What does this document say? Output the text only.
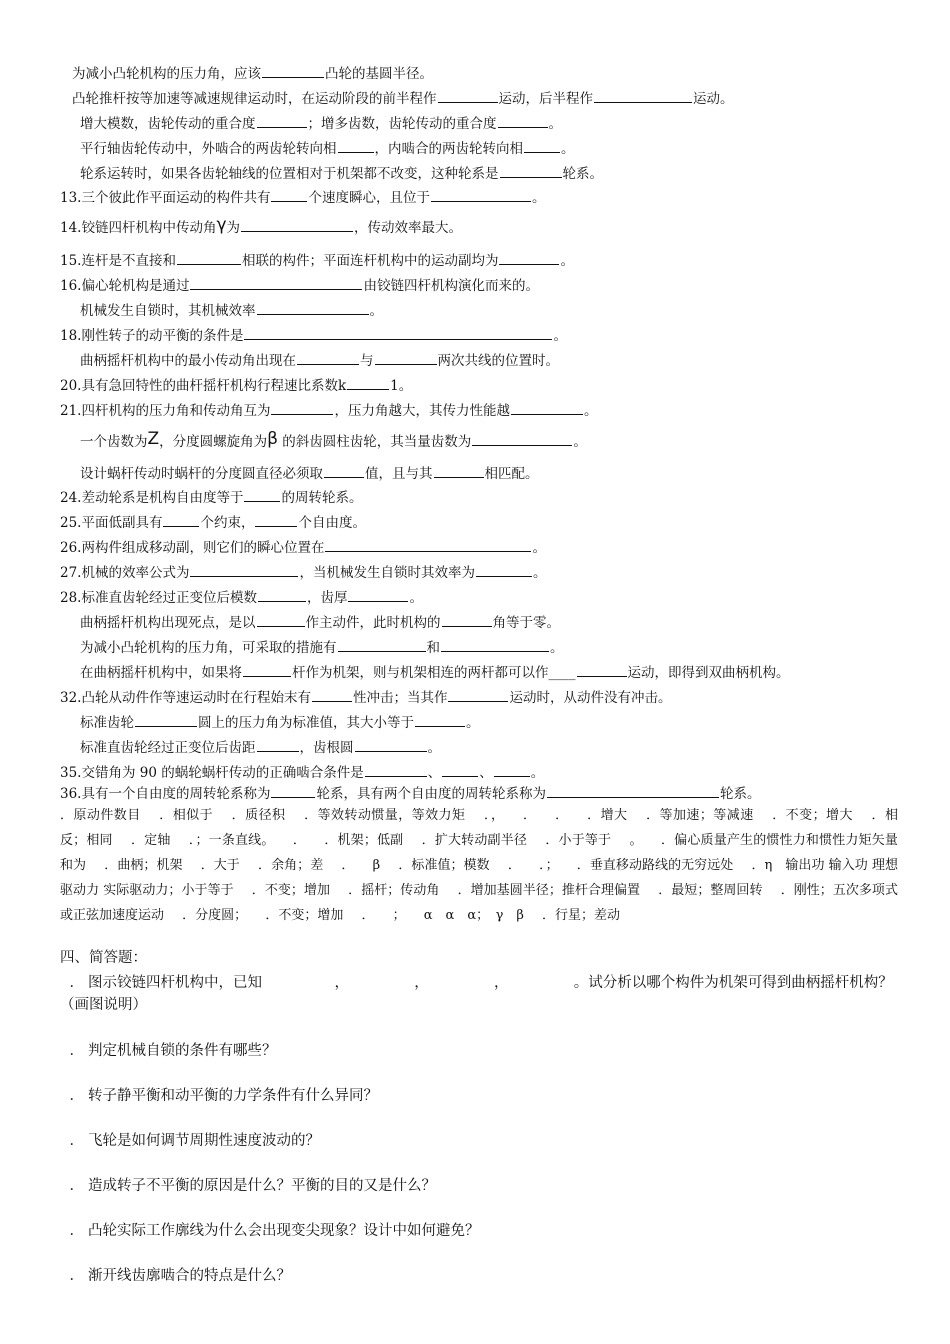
为减小凸轮机构的压力角，应该	凸轮的基圆半径。
凸轮推杆按等加速等减速规律运动时，在运动阶段的前半程作	运动，后半程作	运动。
增大模数，齿轮传动的重合度	；增多齿数，齿轮传动的重合度	。
平行轴齿轮传动中，外啮合的两齿轮转向相	，内啮合的两齿轮转向相	。
轮系运转时，如果各齿轮轴线的位置相对于机架都不改变，这种轮系是	轮系。
13.三个彼此作平面运动的构件共有	个速度瞬心，且位于	。
14.铰链四杆机构中传动角γ为	，传动效率最大。
15.连杆是不直接和	相联的构件；平面连杆机构中的运动副均为	。
16.偏心轮机构是通过	由铰链四杆机构演化而来的。
机械发生自锁时，其机械效率	。
18.刚性转子的动平衡的条件是	。
曲柄摇杆机构中的最小传动角出现在	与	两次共线的位置时。
20.具有急回特性的曲杆摇杆机构行程速比系数k	1。
21.四杆机构的压力角和传动角互为	，压力角越大，其传力性能越	。
一个齿数为Z，分度圆螺旋角为β 的斜齿圆柱齿轮，其当量齿数为	。
设计蜗杆传动时蜗杆的分度圆直径必须取	值，且与其	相匹配。
24.差动轮系是机构自由度等于	的周转轮系。
25.平面低副具有	个约束，	个自由度。
26.两构件组成移动副，则它们的瞬心位置在	。
27.机械的效率公式为	，当机械发生自锁时其效率为	。
28.标准直齿轮经过正变位后模数	，齿厚	。
曲柄摇杆机构出现死点，是以	作主动件，此时机构的	角等于零。
为减小凸轮机构的压力角，可采取的措施有	和	。
在曲柄摇杆机构中，如果将	杆作为机架，则与机架相连的两杆都可以作____	运动，即得到双曲柄机构。
32.凸轮从动件作等速运动时在行程始末有	性冲击；当其作	运动时，从动件没有冲击。
标准齿轮	圆上的压力角为标准值，其大小等于	。
标准直齿轮经过正变位后齿距	，齿根圆	。
35.交错角为 90 的蜗轮蜗杆传动的正确啮合条件是	、	、	。
36.具有一个自由度的周转轮系称为	轮系，具有两个自由度的周转轮系称为	轮系。
．原动件数目 ．相似于 ．质径积 ．等效转动惯量，等效力矩 ．， ． ． ．增大 ．等加速；等减速 ．不变；增大 ．相反；相同 ．定轴 ．；一条直线。 ． ．机架；低副 ．扩大转动副半径 ．小于等于 。 ．偏心质量产生的惯性力和惯性力矩矢量和为 ．曲柄；机架 ．大于 ．余角；差 ． β ．标准值；模数 ． ．； ．垂直移动路线的无穷远处 ．η　输出功 输入功 理想驱动力 实际驱动力；小于等于 ．不变；增加 ．摇杆；传动角 ．增加基圆半径；推杆合理偏置 ．最短；整周回转 ．刚性；五次多项式或正弦加速度运动 ．分度圆； ．不变；增加 ． ； α　α　α；　γ　β ．行星；差动
四、简答题：
． 图示铰链四杆机构中，已知　　　　　，　　　　　，　　　　　，　　　　　。试分析以哪个构件为机架可得到曲柄摇杆机构？（画图说明）
． 判定机械自锁的条件有哪些？
． 转子静平衡和动平衡的力学条件有什么异同？
． 飞轮是如何调节周期性速度波动的？
． 造成转子不平衡的原因是什么？平衡的目的又是什么？
． 凸轮实际工作廓线为什么会出现变尖现象？设计中如何避免？
． 渐开线齿廓啮合的特点是什么？
